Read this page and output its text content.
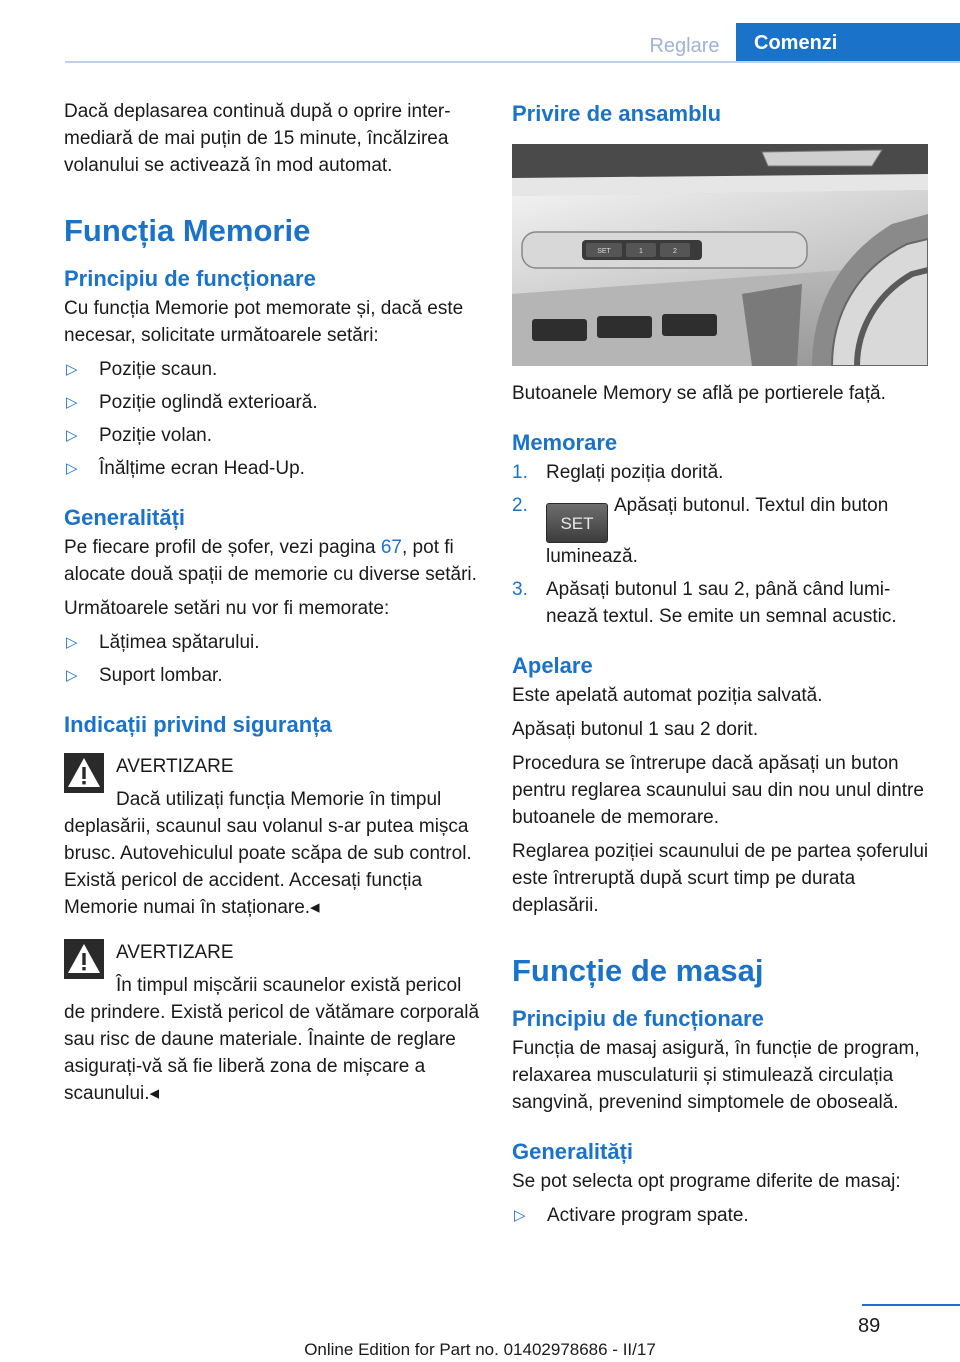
Reglare	Comenzi

Dacă deplasarea continuă după o oprire intermediară de mai puțin de 15 minute, încălzirea volanului se activează în mod automat.

Funcția Memorie
Principiu de funcționare

Cu funcția Memorie pot memorate și, dacă este necesar, solicitate următoarele setări:

▷ Poziție scaun.
▷ Poziție oglindă exterioară.
▷ Poziție volan.
▷ Înălțime ecran Head-Up.
Generalități

Pe fiecare profil de șofer, vezi pagina 67, pot fi alocate două spații de memorie cu diverse setări.

Următoarele setări nu vor fi memorate:

▷ Lățimea spătarului.
▷ Suport lombar.
Indicații privind siguranța
AVERTIZARE
Dacă utilizați funcția Memorie în timpul deplasării, scaunul sau volanul s-ar putea mișca brusc. Autovehiculul poate scăpa de sub control. Există pericol de accident. Accesați funcția Memorie numai în staționare.◂
AVERTIZARE
În timpul mișcării scaunelor există pericol de prindere. Există pericol de vătămare corporală sau risc de daune materiale. Înainte de reglare asigurați-vă să fie liberă zona de mișcare a scaunului.◂
Privire de ansamblu
SET	1	2

Butoanele Memory se află pe portierele față.

Memorare
1. Reglați poziția dorită.
2.
SETApăsați butonul. Textul din buton luminează.
3. Apăsați butonul 1 sau 2, până când luminează textul. Se emite un semnal acustic.
Apelare

Este apelată automat poziția salvată.

Apăsați butonul 1 sau 2 dorit.

Procedura se întrerupe dacă apăsați un buton pentru reglarea scaunului sau din nou unul dintre butoanele de memorare.

Reglarea poziției scaunului de pe partea șoferului este întreruptă după scurt timp pe durata deplasării.

Funcție de masaj
Principiu de funcționare

Funcția de masaj asigură, în funcție de program, relaxarea musculaturii și stimulează circulația sangvină, prevenind simptomele de oboseală.

Generalități

Se pot selecta opt programe diferite de masaj:

▷ Activare program spate.
89
Online Edition for Part no. 01402978686 - II/17
